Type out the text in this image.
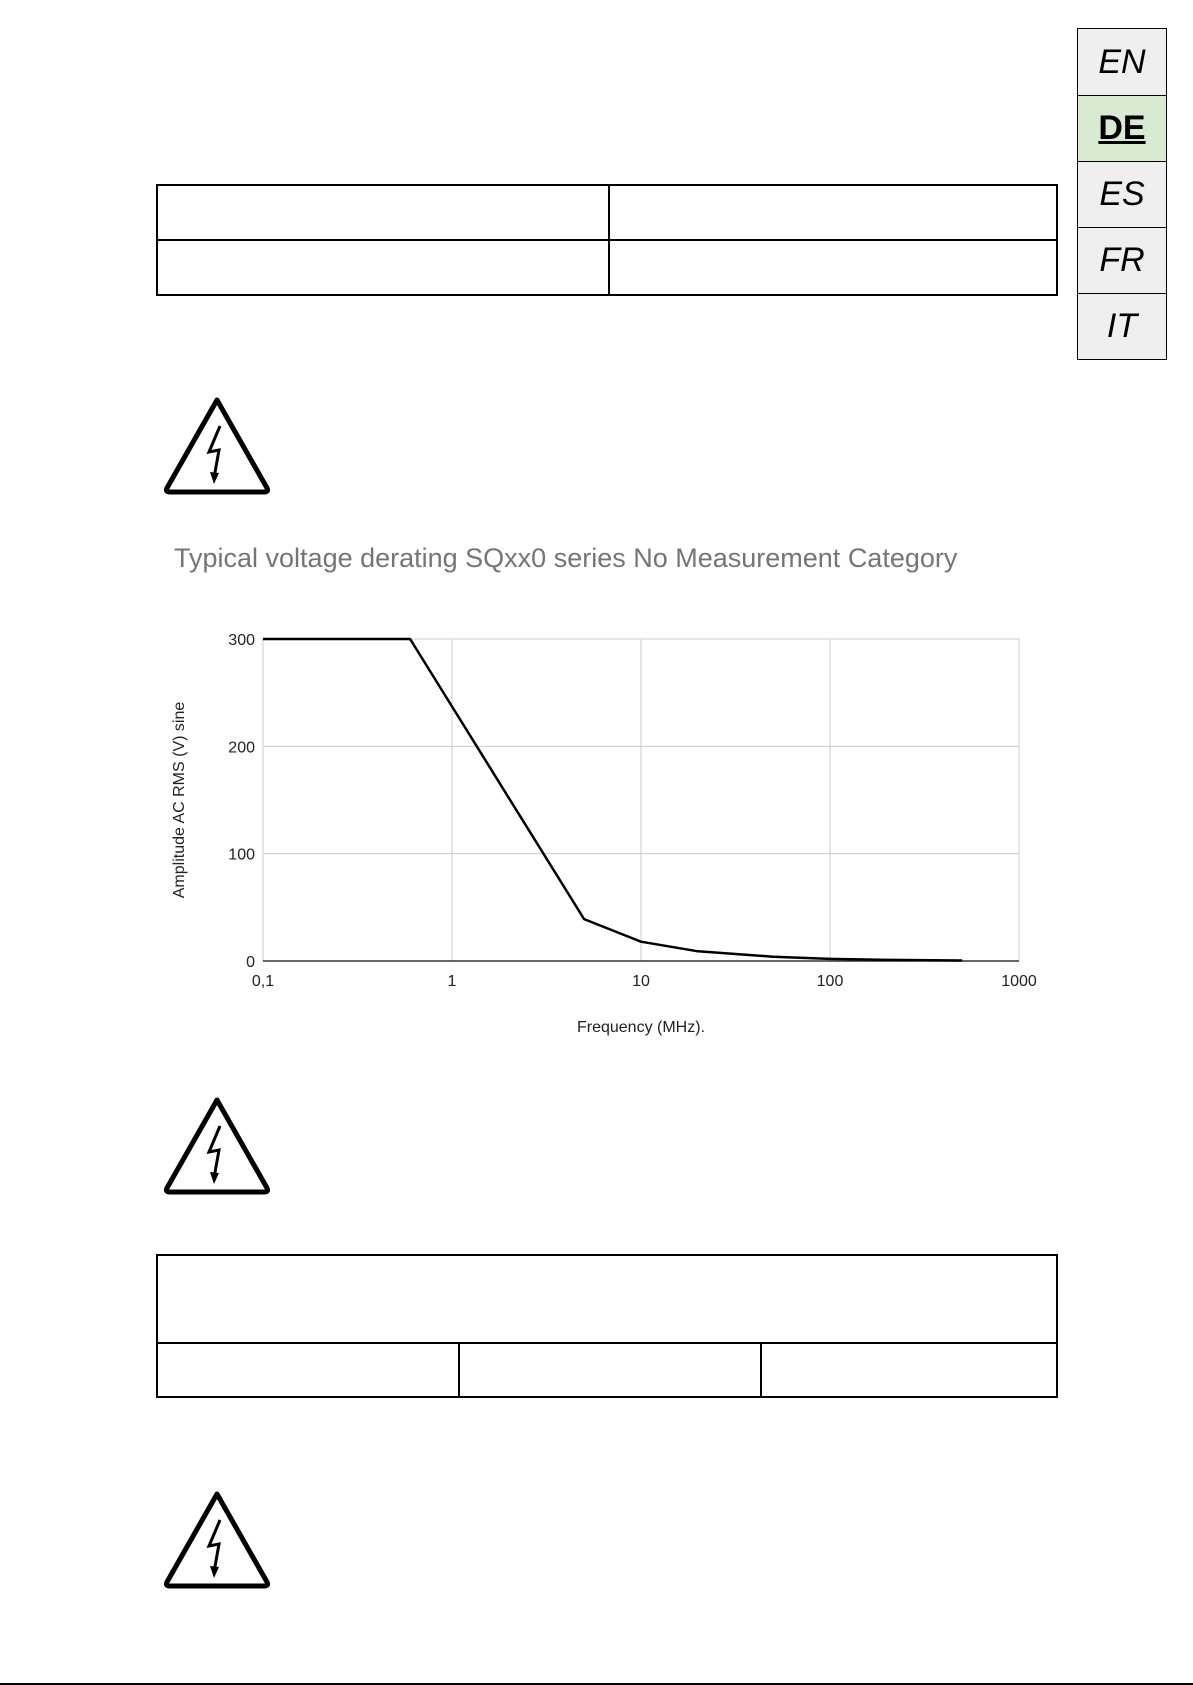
EN
DE
ES
FR
IT

Typical voltage derating SQxx0 series No Measurement Category
0,1	1	10	100	1000
0
100
200
300
Frequency (MHz).
Amplitude AC RMS (V) sine
